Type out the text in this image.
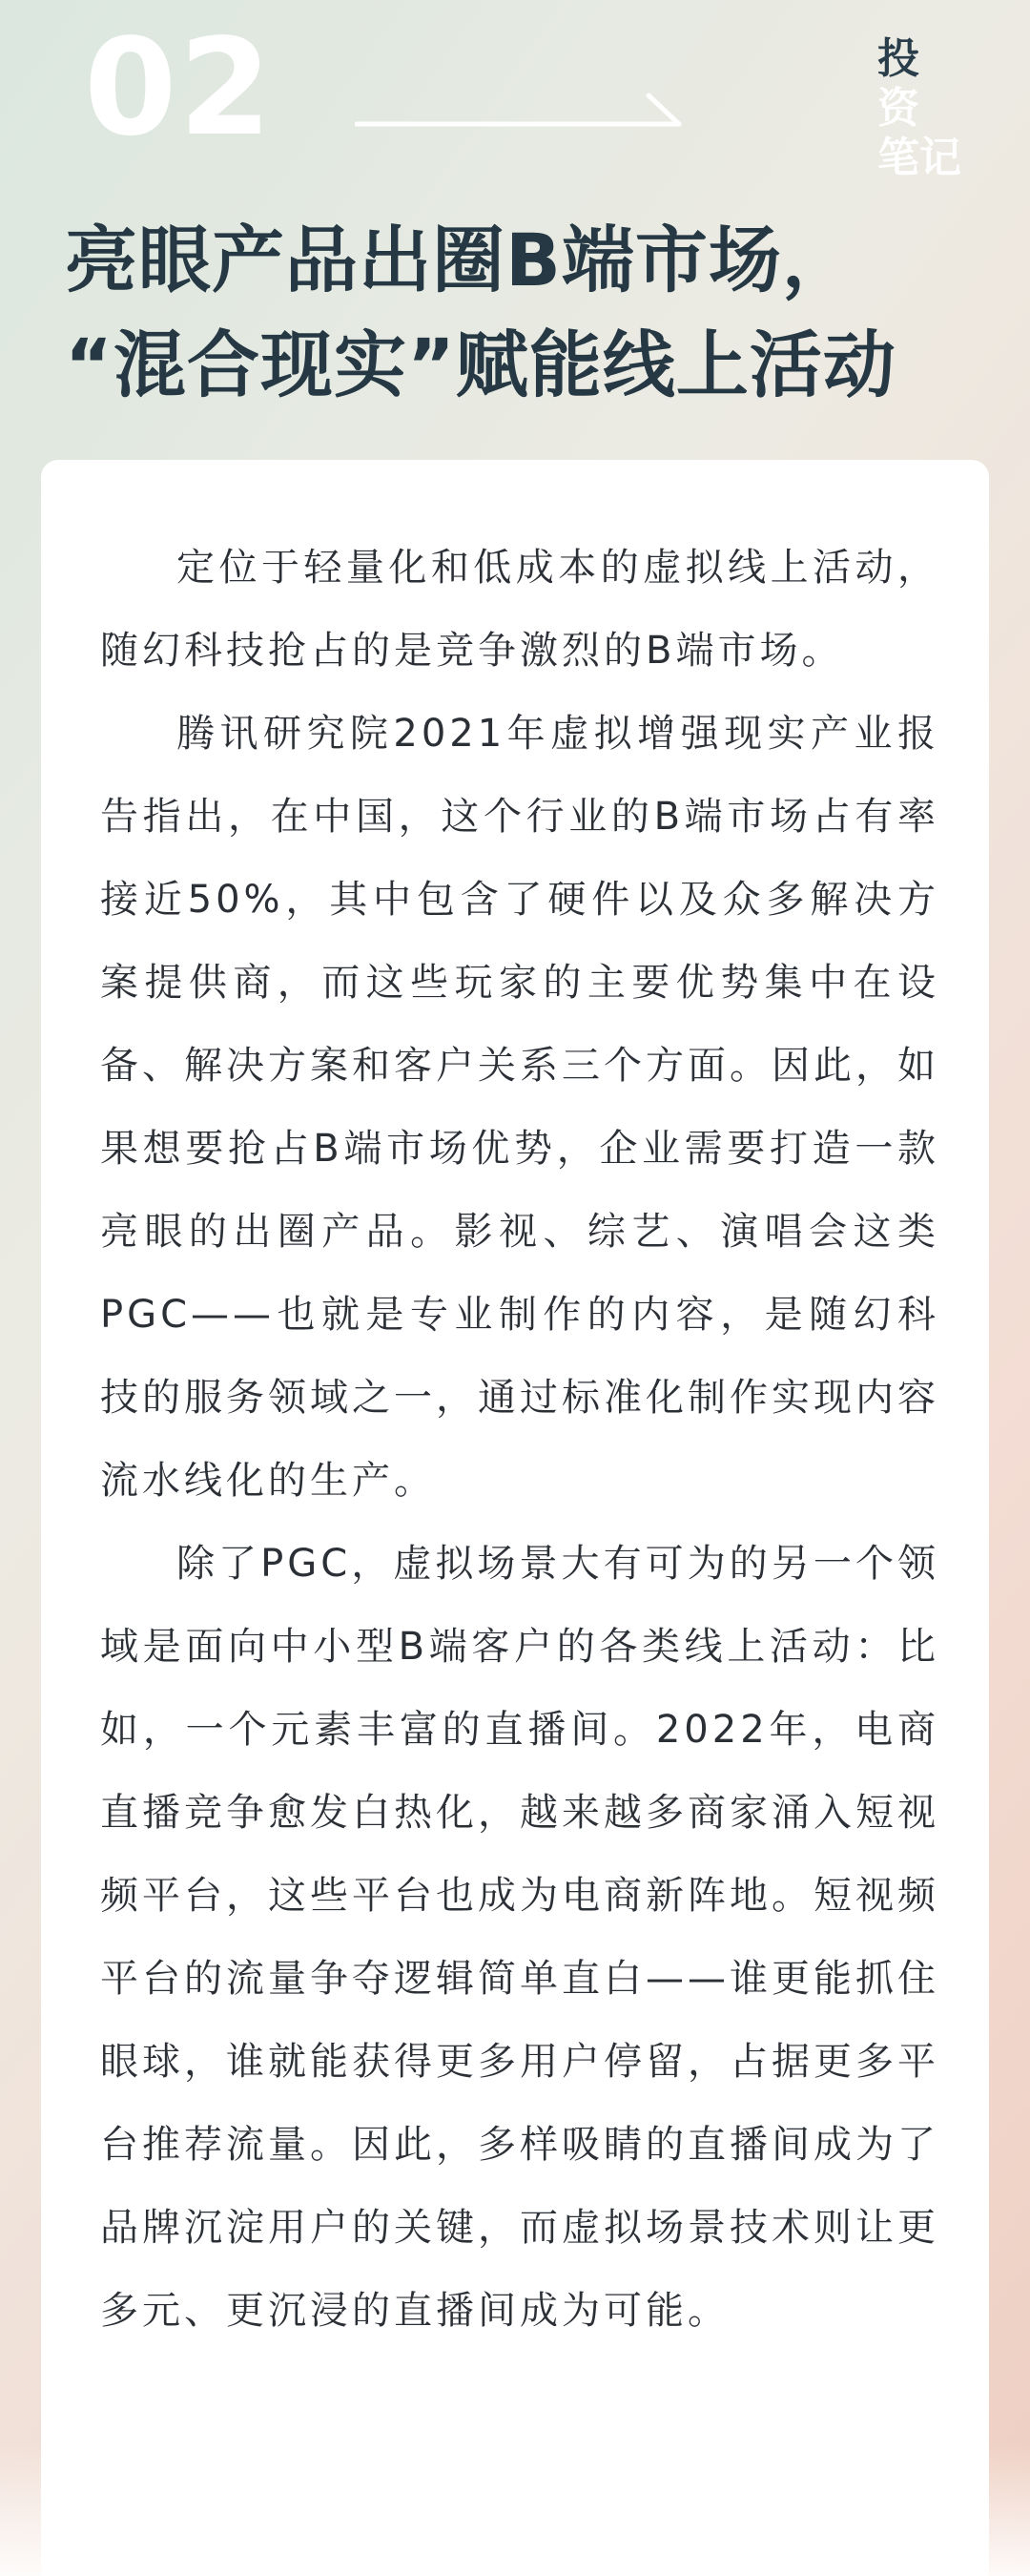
02	投
资
笔记
亮眼产品出圈B端市场，
“混合现实”赋能线上活动

定位于轻量化和低成本的虚拟线上活动，随幻科技抢占的是竞争激烈的B端市场。

腾讯研究院2021年虚拟增强现实产业报告指出，在中国，这个行业的B端市场占有率接近50%，其中包含了硬件以及众多解决方案提供商，而这些玩家的主要优势集中在设备、解决方案和客户关系三个方面。因此，如果想要抢占B端市场优势，企业需要打造一款亮眼的出圈产品。影视、综艺、演唱会这类PGC——也就是专业制作的内容，是随幻科技的服务领域之一，通过标准化制作实现内容流水线化的生产。

除了PGC，虚拟场景大有可为的另一个领域是面向中小型B端客户的各类线上活动：比如，一个元素丰富的直播间。2022年，电商直播竞争愈发白热化，越来越多商家涌入短视频平台，这些平台也成为电商新阵地。短视频平台的流量争夺逻辑简单直白——谁更能抓住眼球，谁就能获得更多用户停留，占据更多平台推荐流量。因此，多样吸睛的直播间成为了品牌沉淀用户的关键，而虚拟场景技术则让更多元、更沉浸的直播间成为可能。
